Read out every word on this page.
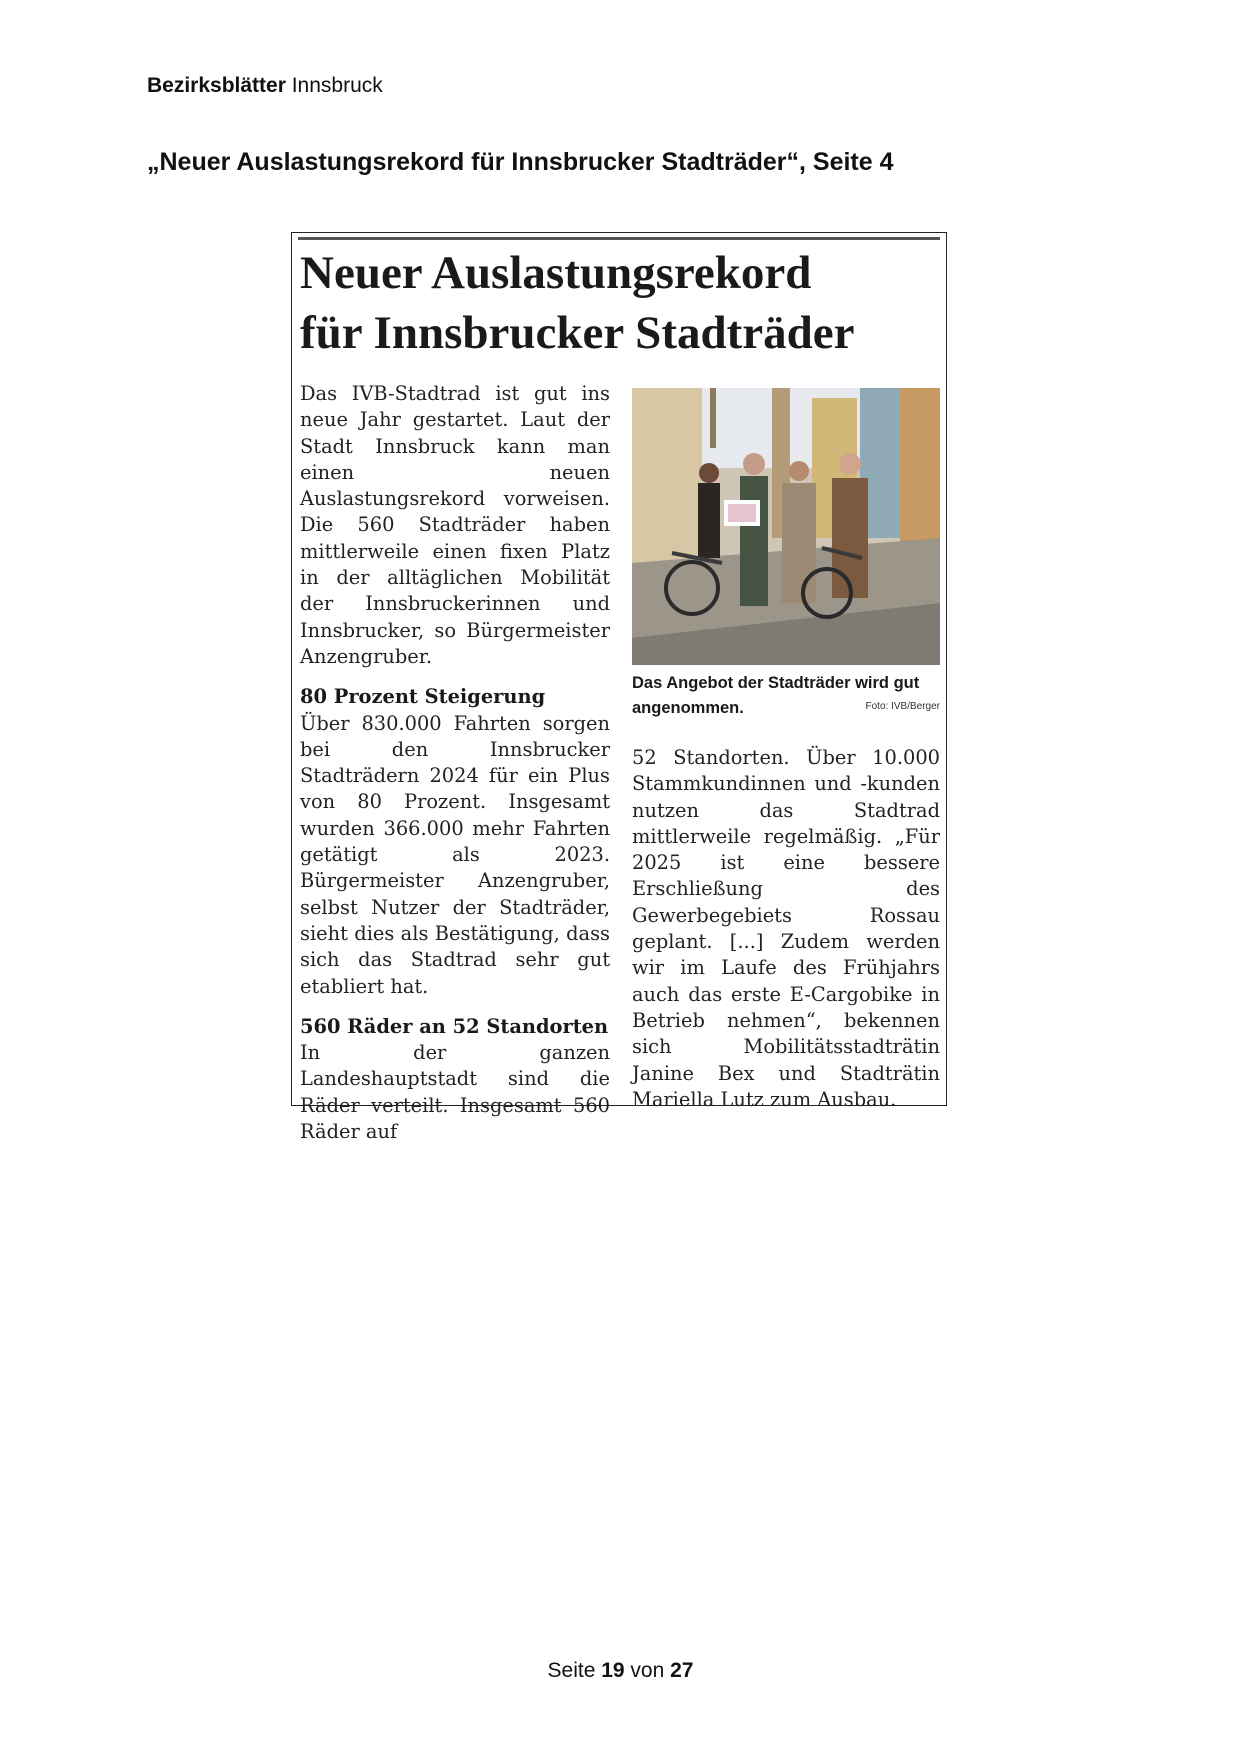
Bezirksblätter Innsbruck
„Neuer Auslastungsrekord für Innsbrucker Stadträder“, Seite 4
Neuer Auslastungsrekord
für Innsbrucker Stadträder

Das IVB-Stadtrad ist gut ins neue Jahr gestartet. Laut der Stadt Innsbruck kann man einen neuen Auslastungsrekord vorweisen. Die 560 Stadträder haben mittlerweile einen fixen Platz in der alltäglichen Mobilität der Innsbruckerinnen und Innsbrucker, so Bürgermeister Anzengruber.

80 Prozent Steigerung

Über 830.000 Fahrten sorgen bei den Innsbrucker Stadträdern 2024 für ein Plus von 80 Prozent. Insgesamt wurden 366.000 mehr Fahrten getätigt als 2023. Bürgermeister Anzengruber, selbst Nutzer der Stadträder, sieht dies als Bestätigung, dass sich das Stadtrad sehr gut etabliert hat.

560 Räder an 52 Standorten

In der ganzen Landeshauptstadt sind die Räder verteilt. Insgesamt 560 Räder auf

Das Angebot der Stadträder wird gut angenommen.	Foto: IVB/Berger

52 Standorten. Über 10.000 Stammkundinnen und -kunden nutzen das Stadtrad mittlerweile regelmäßig. „Für 2025 ist eine bessere Erschließung des Gewerbegebiets Rossau geplant. [...] Zudem werden wir im Laufe des Frühjahrs auch das erste E-Cargobike in Betrieb nehmen“, bekennen sich Mobilitätsstadträtin Janine Bex und Stadträtin Mariella Lutz zum Ausbau.

Seite 19 von 27
